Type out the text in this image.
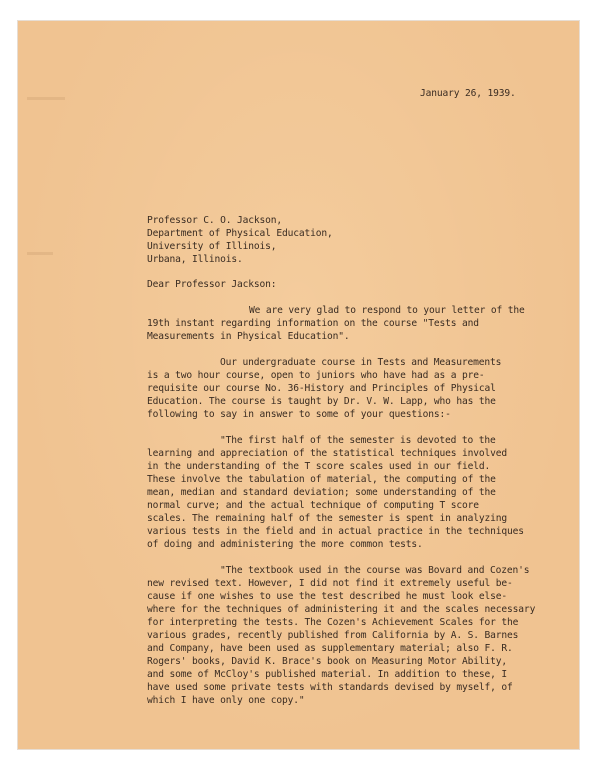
January 26, 1939.
Professor C. O. Jackson,
Department of Physical Education,
University of Illinois,
Urbana, Illinois.
Dear Professor Jackson:
We are very glad to respond to your letter of the
19th instant regarding information on the course "Tests and
Measurements in Physical Education".
Our undergraduate course in Tests and Measurements
is a two hour course, open to juniors who have had as a pre-
requisite our course No. 36-History and Principles of Physical
Education. The course is taught by Dr. V. W. Lapp, who has the
following to say in answer to some of your questions:-
"The first half of the semester is devoted to the
learning and appreciation of the statistical techniques involved
in the understanding of the T score scales used in our field.
These involve the tabulation of material, the computing of the
mean, median and standard deviation; some understanding of the
normal curve; and the actual technique of computing T score
scales. The remaining half of the semester is spent in analyzing
various tests in the field and in actual practice in the techniques
of doing and administering the more common tests.
"The textbook used in the course was Bovard and Cozen's
new revised text. However, I did not find it extremely useful be-
cause if one wishes to use the test described he must look else-
where for the techniques of administering it and the scales necessary
for interpreting the tests. The Cozen's Achievement Scales for the
various grades, recently published from California by A. S. Barnes
and Company, have been used as supplementary material; also F. R.
Rogers' books, David K. Brace's book on Measuring Motor Ability,
and some of McCloy's published material. In addition to these, I
have used some private tests with standards devised by myself, of
which I have only one copy."
